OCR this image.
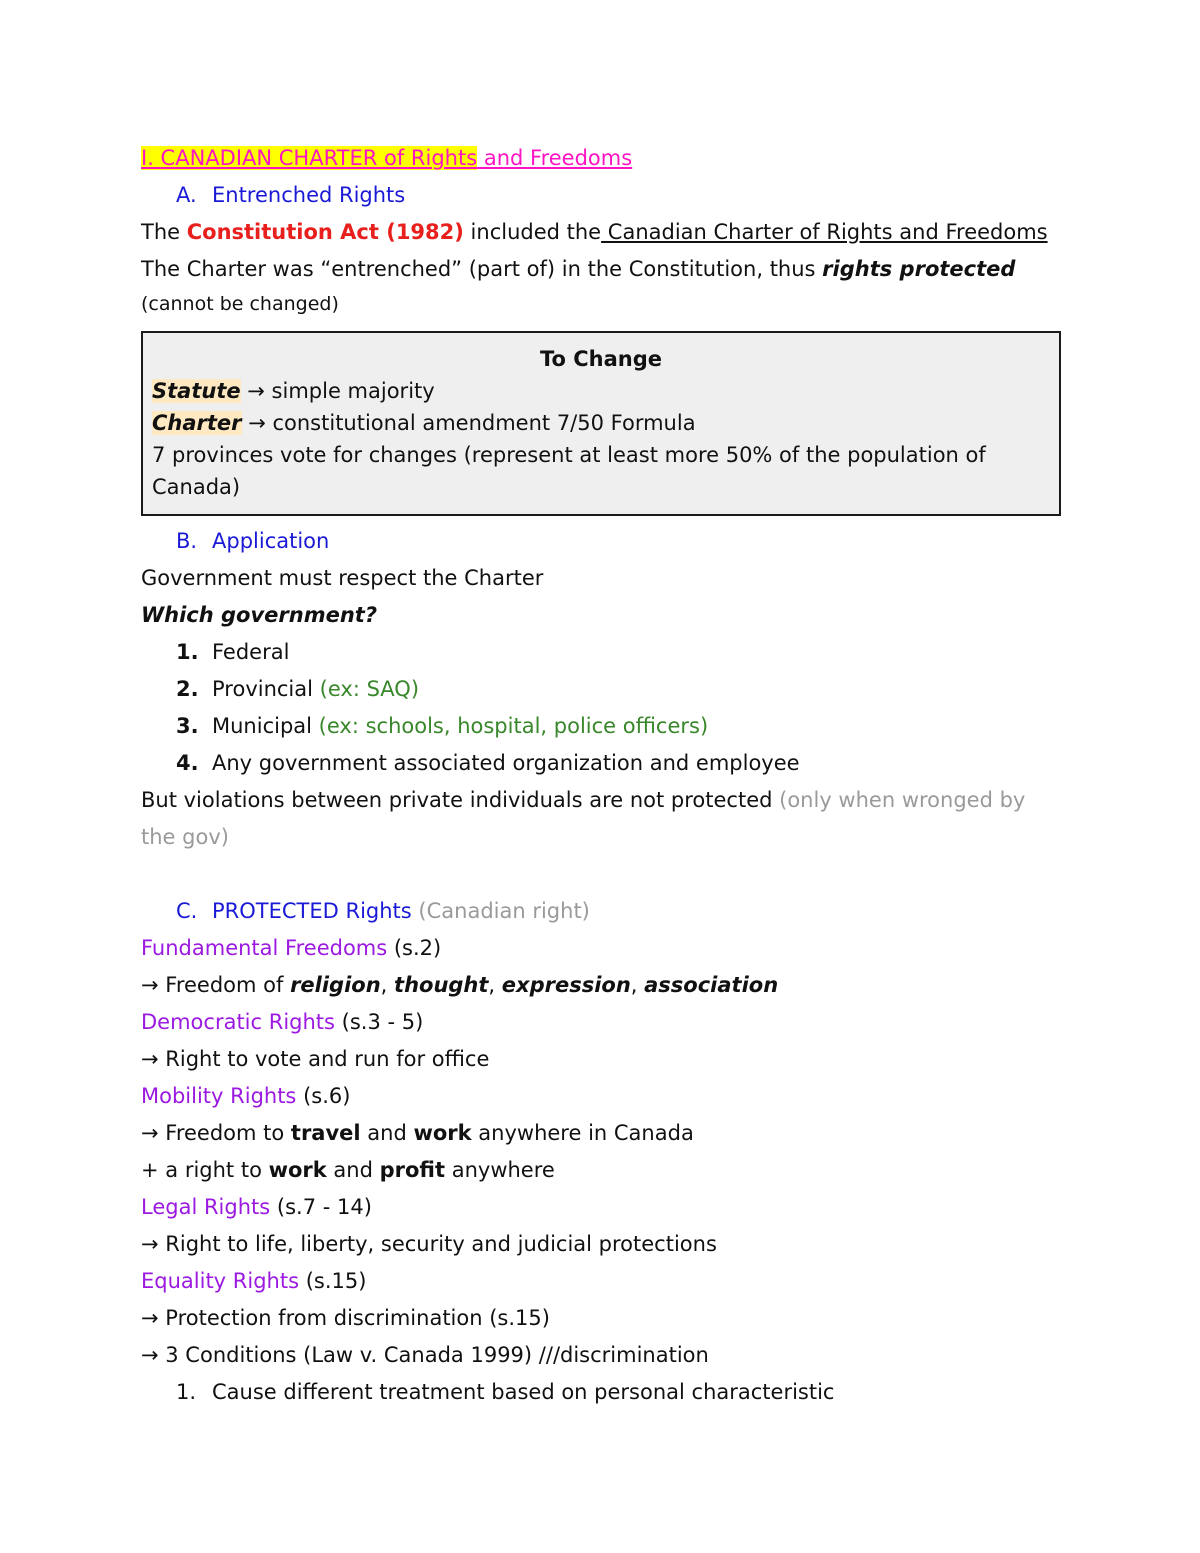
I. CANADIAN CHARTER of Rights and Freedoms
A. Entrenched Rights
The Constitution Act (1982) included the Canadian Charter of Rights and Freedoms
The Charter was “entrenched” (part of) in the Constitution, thus rights protected
(cannot be changed)
To Change
Statute → simple majority
Charter → constitutional amendment 7/50 Formula
7 provinces vote for changes (represent at least more 50% of the population of
Canada)
B. Application
Government must respect the Charter
Which government?
1. Federal
2. Provincial (ex: SAQ)
3. Municipal (ex: schools, hospital, police officers)
4. Any government associated organization and employee
But violations between private individuals are not protected (only when wronged by
the gov)
C. PROTECTED Rights (Canadian right)
Fundamental Freedoms (s.2)
→ Freedom of religion, thought, expression, association
Democratic Rights (s.3 - 5)
→ Right to vote and run for office
Mobility Rights (s.6)
→ Freedom to travel and work anywhere in Canada
+ a right to work and profit anywhere
Legal Rights (s.7 - 14)
→ Right to life, liberty, security and judicial protections
Equality Rights (s.15)
→ Protection from discrimination (s.15)
→ 3 Conditions (Law v. Canada 1999) ///discrimination
1. Cause different treatment based on personal characteristic
